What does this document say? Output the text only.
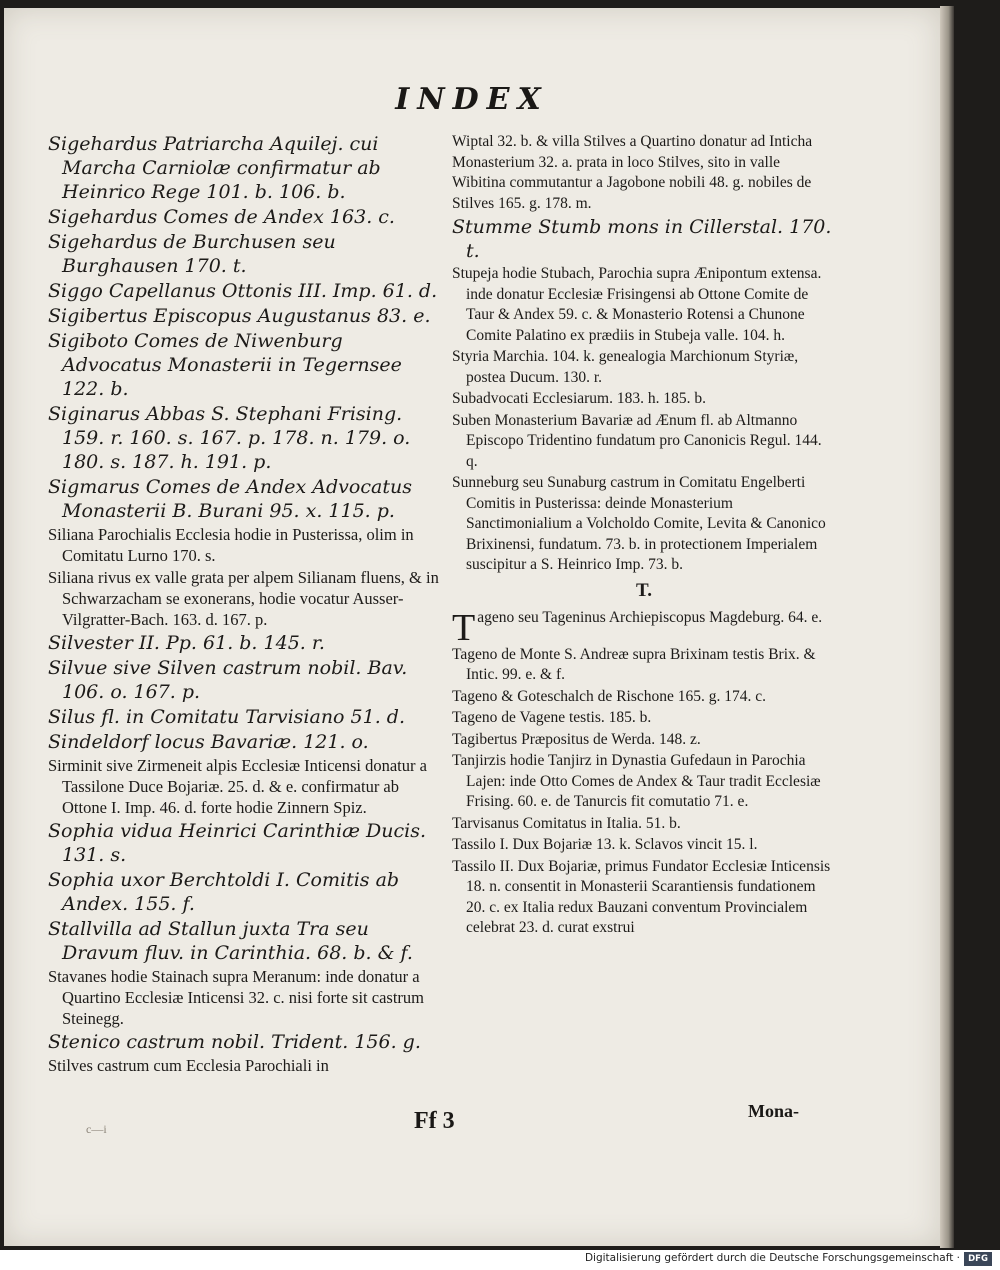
INDEX
Sigehardus Patriarcha Aquilej. cui Marcha Carniolæ confirmatur ab Heinrico Rege 101. b. 106. b.
Sigehardus Comes de Andex 163. c.
Sigehardus de Burchusen seu Burghausen 170. t.
Siggo Capellanus Ottonis III. Imp. 61. d.
Sigibertus Episcopus Augustanus 83. e.
Sigiboto Comes de Niwenburg Advocatus Monasterii in Tegernsee 122. b.
Siginarus Abbas S. Stephani Frising. 159. r. 160. s. 167. p. 178. n. 179. o. 180. s. 187. h. 191. p.
Sigmarus Comes de Andex Advocatus Monasterii B. Burani 95. x. 115. p.
Siliana Parochialis Ecclesia hodie in Pusterissa, olim in Comitatu Lurno 170. s.
Siliana rivus ex valle grata per alpem Silianam fluens, & in Schwarzacham se exonerans, hodie vocatur Ausser-Vilgratter-Bach. 163. d. 167. p.
Silvester II. Pp. 61. b. 145. r.
Silvue sive Silven castrum nobil. Bav. 106. o. 167. p.
Silus fl. in Comitatu Tarvisiano 51. d.
Sindeldorf locus Bavariæ. 121. o.
Sirminit sive Zirmeneit alpis Ecclesiæ Inticensi donatur a Tassilone Duce Bojariæ. 25. d. & e. confirmatur ab Ottone I. Imp. 46. d. forte hodie Zinnern Spiz.
Sophia vidua Heinrici Carinthiæ Ducis. 131. s.
Sophia uxor Berchtoldi I. Comitis ab Andex. 155. f.
Stallvilla ad Stallun juxta Tra seu Dravum fluv. in Carinthia. 68. b. & f.
Stavanes hodie Stainach supra Meranum: inde donatur a Quartino Ecclesiæ Inticensi 32. c. nisi forte sit castrum Steinegg.
Stenico castrum nobil. Trident. 156. g.
Stilves castrum cum Ecclesia Parochiali in
Wiptal 32. b. & villa Stilves a Quartino donatur ad Inticha Monasterium 32. a. prata in loco Stilves, sito in valle Wibitina commutantur a Jagobone nobili 48. g. nobiles de Stilves 165. g. 178. m.
Stumme Stumb mons in Cillerstal. 170. t.
Stupeja hodie Stubach, Parochia supra Ænipontum extensa. inde donatur Ecclesiæ Frisingensi ab Ottone Comite de Taur & Andex 59. c. & Monasterio Rotensi a Chunone Comite Palatino ex prædiis in Stubeja valle. 104. h.
Styria Marchia. 104. k. genealogia Marchionum Styriæ, postea Ducum. 130. r.
Subadvocati Ecclesiarum. 183. h. 185. b.
Suben Monasterium Bavariæ ad Ænum fl. ab Altmanno Episcopo Tridentino fundatum pro Canonicis Regul. 144. q.
Sunneburg seu Sunaburg castrum in Comitatu Engelberti Comitis in Pusterissa: deinde Monasterium Sanctimonialium a Volcholdo Comite, Levita & Canonico Brixinensi, fundatum. 73. b. in protectionem Imperialem suscipitur a S. Heinrico Imp. 73. b.
T.
T ageno seu Tageninus Archiepiscopus Magdeburg. 64. e.
Tageno de Monte S. Andreæ supra Brixinam testis Brix. & Intic. 99. e. & f.
Tageno & Goteschalch de Rischone 165. g. 174. c.
Tageno de Vagene testis. 185. b.
Tagibertus Præpositus de Werda. 148. z.
Tanjirzis hodie Tanjirz in Dynastia Gufedaun in Parochia Lajen: inde Otto Comes de Andex & Taur tradit Ecclesiæ Frising. 60. e. de Tanurcis fit comutatio 71. e.
Tarvisanus Comitatus in Italia. 51. b.
Tassilo I. Dux Bojariæ 13. k. Sclavos vincit 15. l.
Tassilo II. Dux Bojariæ, primus Fundator Ecclesiæ Inticensis 18. n. consentit in Monasterii Scarantiensis fundationem 20. c. ex Italia redux Bauzani conventum Provincialem celebrat 23. d. curat exstrui
c—i	Ff 3	Mona-
Digitalisierung gefördert durch die Deutsche Forschungsgemeinschaft · DFG
